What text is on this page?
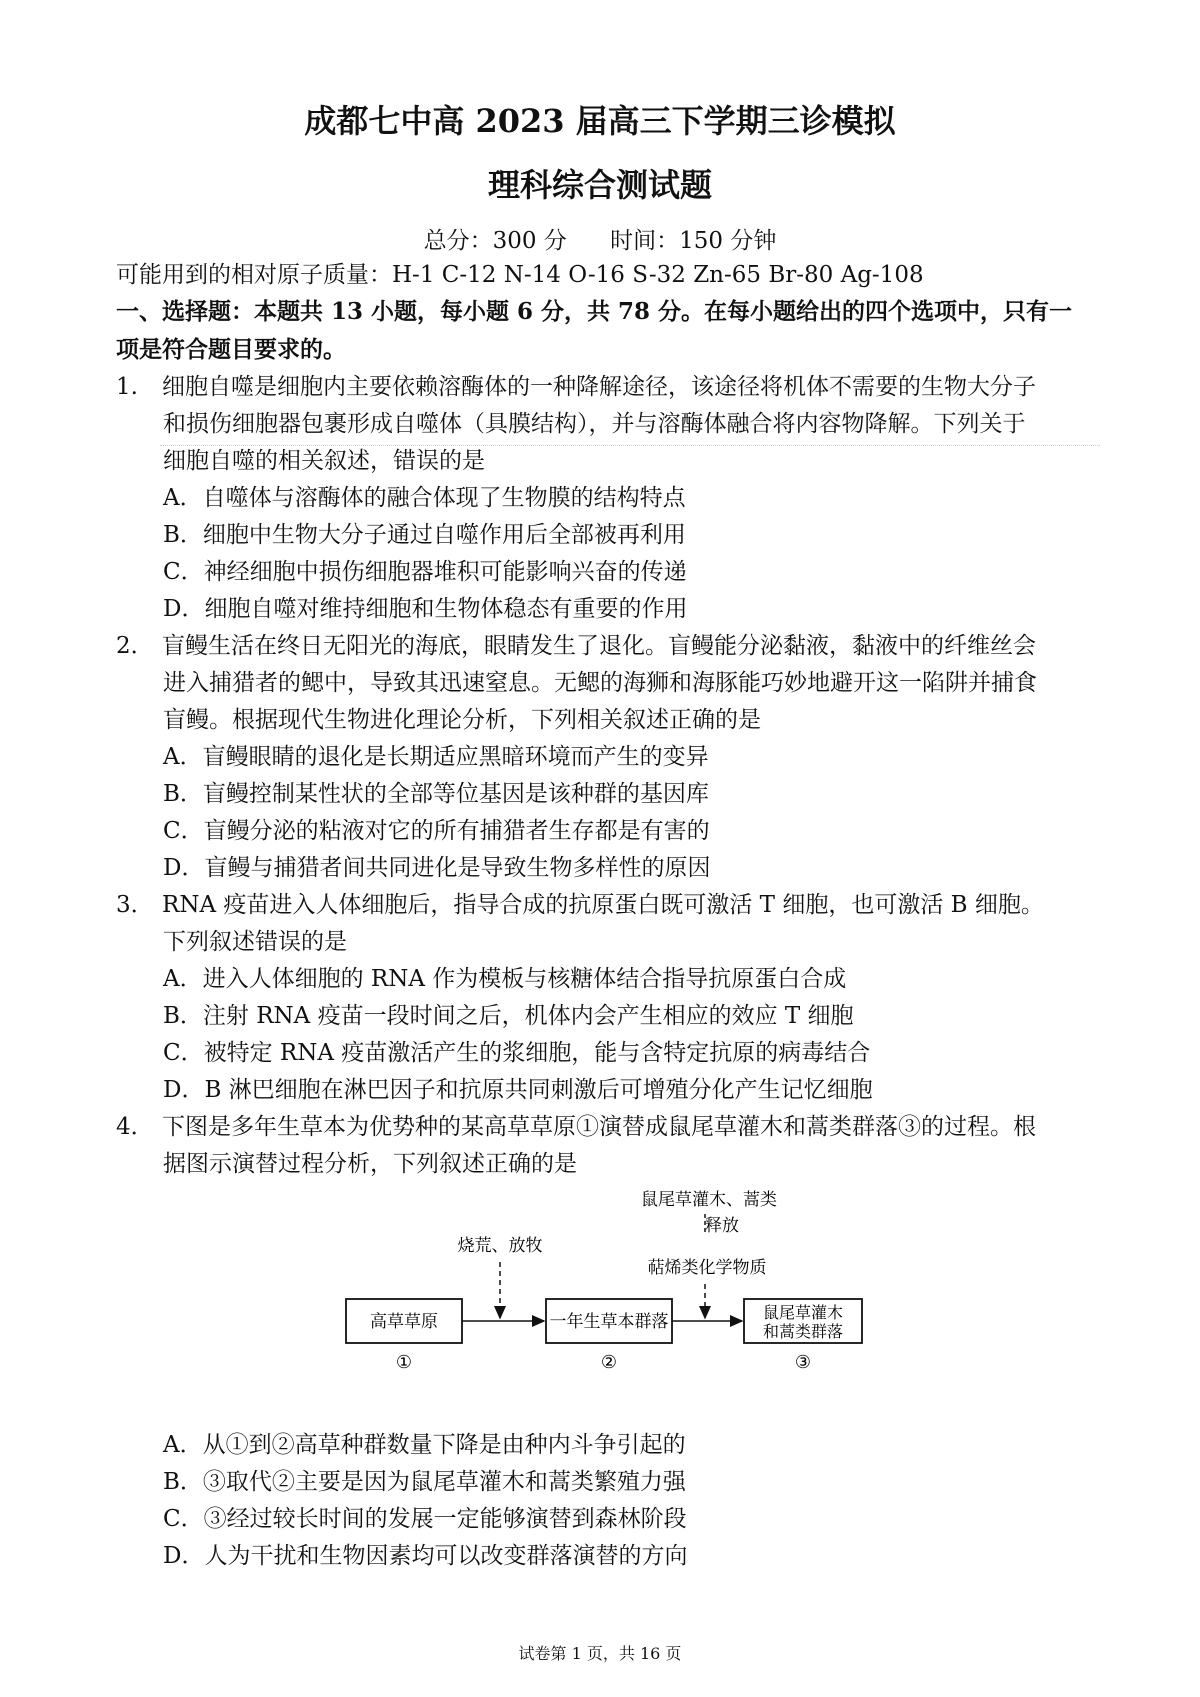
成都七中高 2023 届高三下学期三诊模拟
理科综合测试题
总分：300 分 时间：150 分钟
可能用到的相对原子质量：H-1 C-12 N-14 O-16 S-32 Zn-65 Br-80 Ag-108
一、选择题：本题共 13 小题，每小题 6 分，共 78 分。在每小题给出的四个选项中，只有一
项是符合题目要求的。
1. 细胞自噬是细胞内主要依赖溶酶体的一种降解途径，该途径将机体不需要的生物大分子
和损伤细胞器包裹形成自噬体（具膜结构），并与溶酶体融合将内容物降解。下列关于
细胞自噬的相关叙述，错误的是
A．自噬体与溶酶体的融合体现了生物膜的结构特点
B．细胞中生物大分子通过自噬作用后全部被再利用
C．神经细胞中损伤细胞器堆积可能影响兴奋的传递
D．细胞自噬对维持细胞和生物体稳态有重要的作用
2． 盲鳗生活在终日无阳光的海底，眼睛发生了退化。盲鳗能分泌黏液，黏液中的纤维丝会
进入捕猎者的鳃中，导致其迅速窒息。无鳃的海狮和海豚能巧妙地避开这一陷阱并捕食
盲鳗。根据现代生物进化理论分析，下列相关叙述正确的是
A．盲鳗眼睛的退化是长期适应黑暗环境而产生的变异
B．盲鳗控制某性状的全部等位基因是该种群的基因库
C．盲鳗分泌的粘液对它的所有捕猎者生存都是有害的
D．盲鳗与捕猎者间共同进化是导致生物多样性的原因
3． RNA 疫苗进入人体细胞后，指导合成的抗原蛋白既可激活 T 细胞，也可激活 B 细胞。
下列叙述错误的是
A．进入人体细胞的 RNA 作为模板与核糖体结合指导抗原蛋白合成
B．注射 RNA 疫苗一段时间之后，机体内会产生相应的效应 T 细胞
C．被特定 RNA 疫苗激活产生的浆细胞，能与含特定抗原的病毒结合
D．B 淋巴细胞在淋巴因子和抗原共同刺激后可增殖分化产生记忆细胞
4． 下图是多年生草本为优势种的某高草草原①演替成鼠尾草灌木和蒿类群落③的过程。根
据图示演替过程分析，下列叙述正确的是
烧荒、放牧
鼠尾草灌木、蒿类
释放
萜烯类化学物质
高草草原	一年生草本群落	鼠尾草灌木
和蒿类群落
①	②	③
A．从①到②高草种群数量下降是由种内斗争引起的
B．③取代②主要是因为鼠尾草灌木和蒿类繁殖力强
C．③经过较长时间的发展一定能够演替到森林阶段
D．人为干扰和生物因素均可以改变群落演替的方向
试卷第 1 页，共 16 页
